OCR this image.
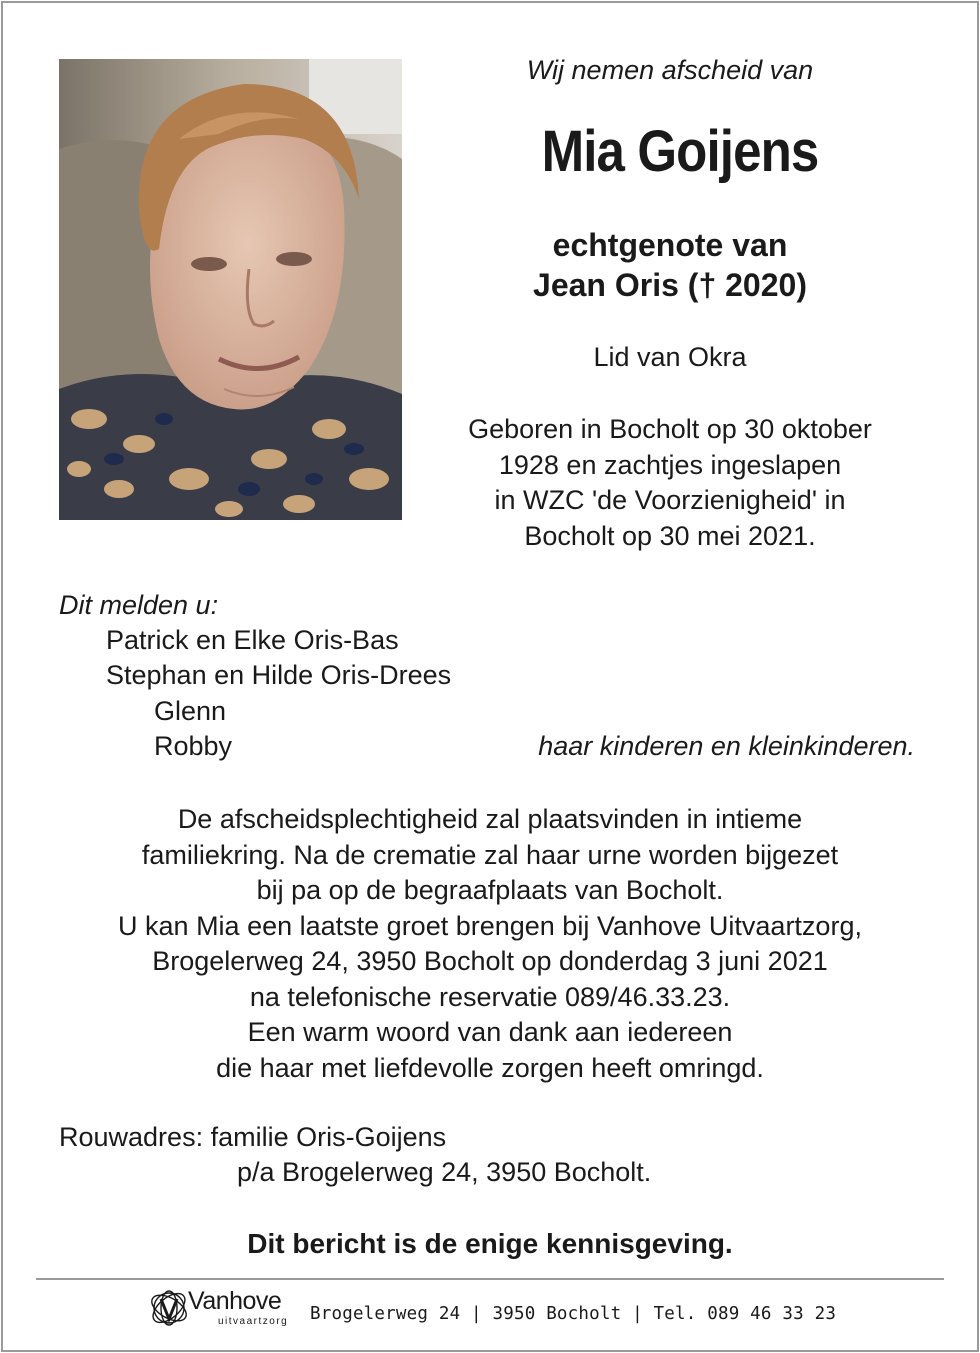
Wij nemen afscheid van
Mia Goijens
echtgenote van
Jean Oris († 2020)
Lid van Okra
Geboren in Bocholt op 30 oktober
1928 en zachtjes ingeslapen
in WZC 'de Voorzienigheid' in
Bocholt op 30 mei 2021.
Dit melden u:
Patrick en Elke Oris-Bas
Stephan en Hilde Oris-Drees
Glenn
Robby	haar kinderen en kleinkinderen.
De afscheidsplechtigheid zal plaatsvinden in intieme
familiekring. Na de crematie zal haar urne worden bijgezet
bij pa op de begraafplaats van Bocholt.
U kan Mia een laatste groet brengen bij Vanhove Uitvaartzorg,
Brogelerweg 24, 3950 Bocholt op donderdag 3 juni 2021
na telefonische reservatie 089/46.33.23.
Een warm woord van dank aan iedereen
die haar met liefdevolle zorgen heeft omringd.
Rouwadres: familie Oris-Goijens
p/a Brogelerweg 24, 3950 Bocholt.
Dit bericht is de enige kennisgeving.
Vanhove
uitvaartzorg Brogelerweg 24 | 3950 Bocholt | Tel. 089 46 33 23
